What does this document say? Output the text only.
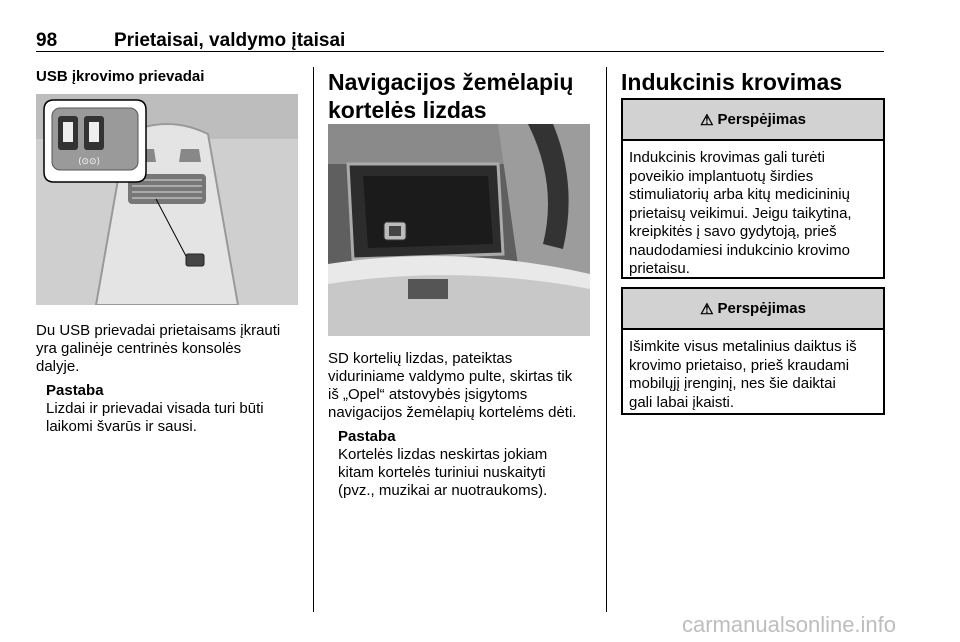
98	Prietaisai, valdymo įtaisai
USB įkrovimo prievadai
⟨⊙⊙⟩
Du USB prievadai prietaisams įkrauti
yra galinėje centrinės konsolės
dalyje.
Pastaba
Lizdai ir prievadai visada turi būti
laikomi švarūs ir sausi.
Navigacijos žemėlapių
kortelės lizdas
SD kortelių lizdas, pateiktas
viduriniame valdymo pulte, skirtas tik
iš „Opel“ atstovybės įsigytoms
navigacijos žemėlapių kortelėms dėti.
Pastaba
Kortelės lizdas neskirtas jokiam
kitam kortelės turiniui nuskaityti
(pvz., muzikai ar nuotraukoms).
Indukcinis krovimas
⚠ Perspėjimas
Indukcinis krovimas gali turėti
poveikio implantuotų širdies
stimuliatorių arba kitų medicininių
prietaisų veikimui. Jeigu taikytina,
kreipkitės į savo gydytoją, prieš
naudodamiesi indukcinio krovimo
prietaisu.
⚠ Perspėjimas
Išimkite visus metalinius daiktus iš
krovimo prietaiso, prieš kraudami
mobilųjį įrenginį, nes šie daiktai
gali labai įkaisti.
carmanualsonline.info
